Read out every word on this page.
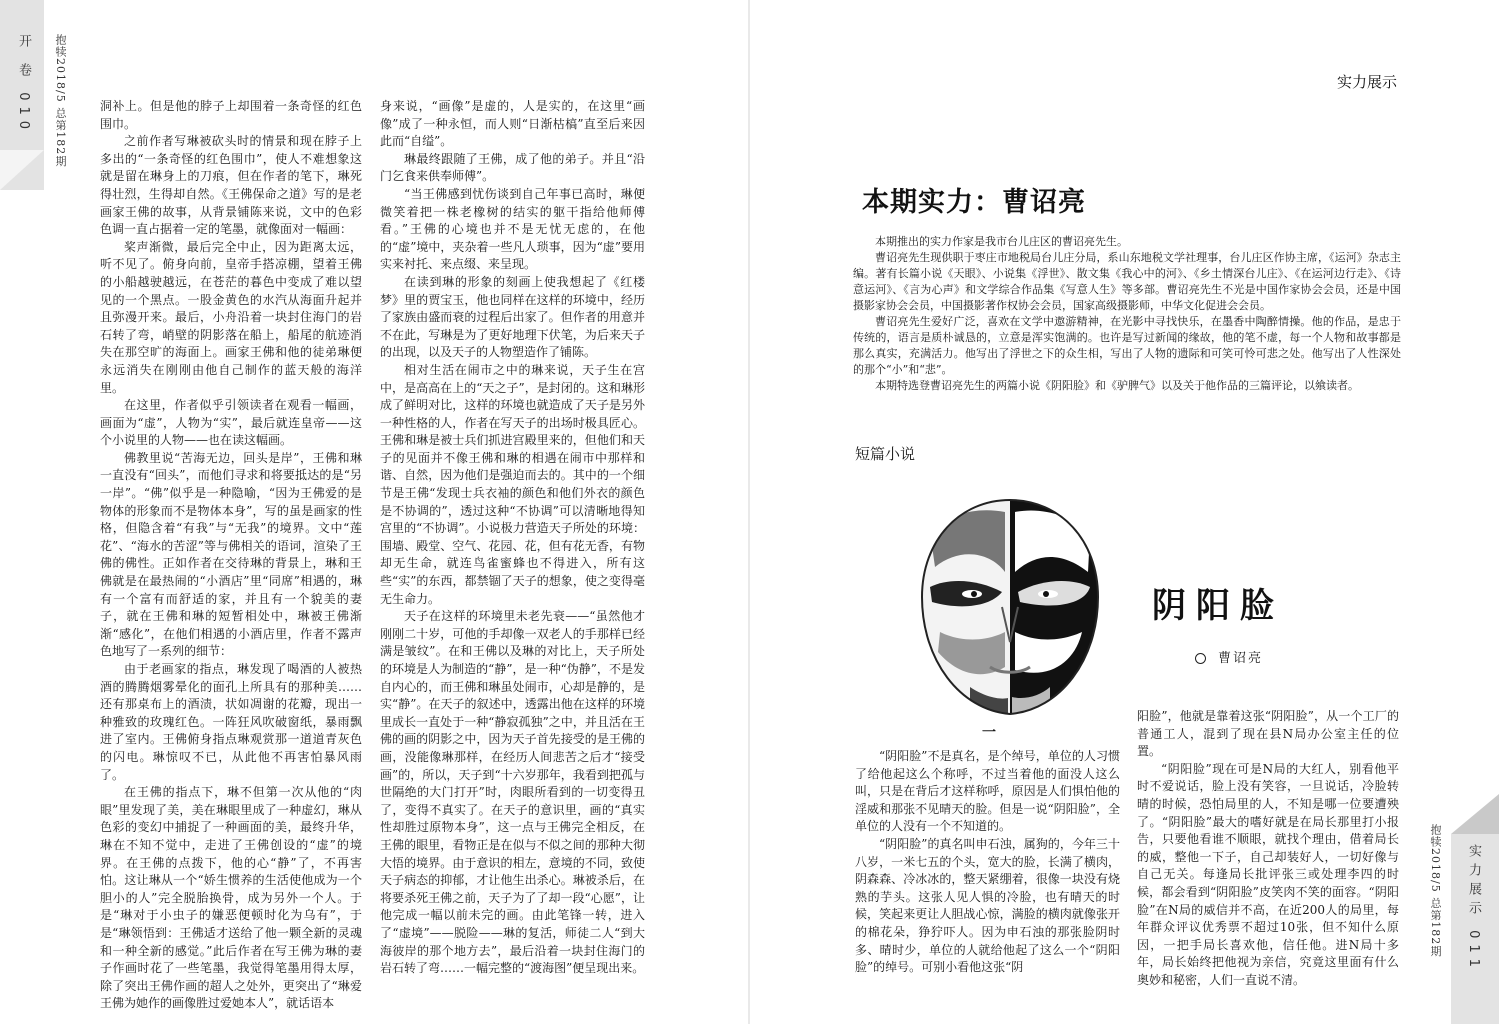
开 卷 010 抱犊2018/5 总第182期	洞补上。但是他的脖子上却围着一条奇怪的红色围巾。

之前作者写琳被砍头时的情景和现在脖子上多出的“一条奇怪的红色围巾”，使人不难想象这就是留在琳身上的刀痕，但在作者的笔下，琳死得壮烈，生得却自然。《王佛保命之道》写的是老画家王佛的故事，从背景铺陈来说，文中的色彩色调一直占据着一定的笔墨，就像面对一幅画：

桨声渐微，最后完全中止，因为距离太远，听不见了。俯身向前，皇帝手搭凉棚，望着王佛的小船越驶越远，在苍茫的暮色中变成了难以望见的一个黑点。一股金黄色的水汽从海面升起并且弥漫开来。最后，小舟沿着一块封住海门的岩石转了弯，峭壁的阴影落在船上，船尾的航迹消失在那空旷的海面上。画家王佛和他的徒弟琳便永远消失在刚刚由他自己制作的蓝天般的海洋里。

在这里，作者似乎引领读者在观看一幅画，画面为“虚”，人物为“实”，最后就连皇帝——这个小说里的人物——也在读这幅画。

佛教里说“苦海无边，回头是岸”，王佛和琳一直没有“回头”，而他们寻求和将要抵达的是“另一岸”。“佛”似乎是一种隐喻，“因为王佛爱的是物体的形象而不是物体本身”，写的虽是画家的性格，但隐含着“有我”与“无我”的境界。文中“莲花”、“海水的苦涩”等与佛相关的语词，渲染了王佛的佛性。正如作者在交待琳的背景上，琳和王佛就是在最热闹的“小酒店”里“同席”相遇的，琳有一个富有而舒适的家，并且有一个貌美的妻子，就在王佛和琳的短暂相处中，琳被王佛渐渐“感化”，在他们相遇的小酒店里，作者不露声色地写了一系列的细节：

由于老画家的指点，琳发现了喝酒的人被热酒的腾腾烟雾晕化的面孔上所具有的那种美……还有那桌布上的酒渍，状如凋谢的花瓣，现出一种雅致的玫瑰红色。一阵狂风吹破窗纸，暴雨飘进了室内。王佛俯身指点琳观赏那一道道青灰色的闪电。琳惊叹不已，从此他不再害怕暴风雨了。

在王佛的指点下，琳不但第一次从他的“肉眼”里发现了美，美在琳眼里成了一种虚幻，琳从色彩的变幻中捕捉了一种画面的美，最终升华，琳在不知不觉中，走进了王佛创设的“虚”的境界。在王佛的点拨下，他的心“静”了，不再害怕。这让琳从一个“娇生惯养的生活使他成为一个胆小的人”完全脱胎换骨，成为另外一个人。于是“琳对于小虫子的嫌恶便顿时化为乌有”，于是“琳领悟到：王佛适才送给了他一颗全新的灵魂和一种全新的感觉。”此后作者在写王佛为琳的妻子作画时花了一些笔墨，我觉得笔墨用得太厚，除了突出王佛作画的超人之处外，更突出了“琳爱王佛为她作的画像胜过爱她本人”，就话语本

身来说，“画像”是虚的，人是实的，在这里“画像”成了一种永恒，而人则“日渐枯槁”直至后来因此而“自缢”。

琳最终跟随了王佛，成了他的弟子。并且“沿门乞食来供奉师傅”。

“当王佛感到忧伤谈到自己年事已高时，琳便微笑着把一株老橡树的结实的躯干指给他师傅看。”王佛的心境也并不是无忧无虑的，在他的“虚”境中，夹杂着一些凡人琐事，因为“虚”要用实来衬托、来点缀、来呈现。

在读到琳的形象的刻画上使我想起了《红楼梦》里的贾宝玉，他也同样在这样的环境中，经历了家族由盛而衰的过程后出家了。但作者的用意并不在此，写琳是为了更好地理下伏笔，为后来天子的出现，以及天子的人物塑造作了铺陈。

相对生活在闹市之中的琳来说，天子生在宫中，是高高在上的“天之子”，是封闭的。这和琳形成了鲜明对比，这样的环境也就造成了天子是另外一种性格的人，作者在写天子的出场时极具匠心。王佛和琳是被士兵们抓进宫殿里来的，但他们和天子的见面并不像王佛和琳的相遇在闹市中那样和谐、自然，因为他们是强迫而去的。其中的一个细节是王佛“发现士兵衣袖的颜色和他们外衣的颜色是不协调的”，透过这种“不协调”可以清晰地得知宫里的“不协调”。小说极力营造天子所处的环境：围墙、殿堂、空气、花园、花，但有花无香，有物却无生命，就连鸟雀蜜蜂也不得进入，所有这些“实”的东西，都禁锢了天子的想象，使之变得毫无生命力。

天子在这样的环境里未老先衰——“虽然他才刚刚二十岁，可他的手却像一双老人的手那样已经满是皱纹”。在和王佛以及琳的对比上，天子所处的环境是人为制造的“静”，是一种“伪静”，不是发自内心的，而王佛和琳虽处闹市，心却是静的，是实“静”。在天子的叙述中，透露出他在这样的环境里成长一直处于一种“静寂孤独”之中，并且活在王佛的画的阴影之中，因为天子首先接受的是王佛的画，没能像琳那样，在经历人间悲苦之后才“接受画”的，所以，天子到“十六岁那年，我看到把孤与世隔绝的大门打开”时，肉眼所看到的一切变得丑了，变得不真实了。在天子的意识里，画的“真实性却胜过原物本身”，这一点与王佛完全相反，在王佛的眼里，看物正是在似与不似之间的那种大彻大悟的境界。由于意识的相左，意境的不同，致使天子病态的抑郁，才让他生出杀心。琳被杀后，在将要杀死王佛之前，天子为了了却一段“心愿”，让他完成一幅以前未完的画。由此笔锋一转，进入了“虚境”——脱险——琳的复活，师徒二人“到大海彼岸的那个地方去”，最后沿着一块封住海门的岩石转了弯……一幅完整的“渡海图”便呈现出来。

实力展示
本期实力：曹诏亮

本期推出的实力作家是我市台儿庄区的曹诏亮先生。

曹诏亮先生现供职于枣庄市地税局台儿庄分局，系山东地税文学社理事，台儿庄区作协主席，《运河》杂志主编。著有长篇小说《天眼》、小说集《浮世》、散文集《我心中的河》、《乡土情深台儿庄》、《在运河边行走》、《诗意运河》、《言为心声》和文学综合作品集《写意人生》等多部。曹诏亮先生不光是中国作家协会会员，还是中国摄影家协会会员，中国摄影著作权协会会员，国家高级摄影师，中华文化促进会会员。

曹诏亮先生爱好广泛，喜欢在文学中遨游精神，在光影中寻找快乐，在墨香中陶醉情操。他的作品，是忠于传统的，语言是质朴诚恳的，立意是浑实饱满的。也许是写过新闻的缘故，他的笔不虚，每一个人物和故事都是那么真实，充满活力。他写出了浮世之下的众生相，写出了人物的遗际和可笑可怜可悲之处。他写出了人性深处的那个“小”和“悲”。

本期特选登曹诏亮先生的两篇小说《阴阳脸》和《驴脾气》以及关于他作品的三篇评论，以飨读者。

短篇小说
阴阳脸
曹诏亮
一

“阴阳脸”不是真名，是个绰号，单位的人习惯了给他起这么个称呼，不过当着他的面没人这么叫，只是在背后才这样称呼，原因是人们惧怕他的淫威和那张不见晴天的脸。但是一说“阴阳脸”，全单位的人没有一个不知道的。

“阴阳脸”的真名叫申石浊，属狗的，今年三十八岁，一米七五的个头，宽大的脸，长满了横肉，阴森森、冷冰冰的，整天紧绷着，很像一块没有烧熟的芋头。这张人见人惧的冷脸，也有晴天的时候，笑起来更让人胆战心惊，满脸的横肉就像张开的棉花朵，狰狞吓人。因为申石浊的那张脸阴时多、晴时少，单位的人就给他起了这么一个“阴阳脸”的绰号。可别小看他这张“阴

阳脸”，他就是靠着这张“阴阳脸”，从一个工厂的普通工人，混到了现在县N局办公室主任的位置。

“阴阳脸”现在可是N局的大红人，别看他平时不爱说话，脸上没有笑容，一旦说话，冷脸转晴的时候，恐怕局里的人，不知是哪一位要遭殃了。“阴阳脸”最大的嗜好就是在局长那里打小报告，只要他看谁不顺眼，就找个理由，借着局长的威，整他一下子，自己却装好人，一切好像与自己无关。每逢局长批评张三或处理李四的时候，都会看到“阴阳脸”皮笑肉不笑的面容。“阴阳脸”在N局的威信并不高，在近200人的局里，每年群众评议优秀票不超过10张，但不知什么原因，一把手局长喜欢他，信任他。进N局十多年，局长始终把他视为亲信，究竟这里面有什么奥妙和秘密，人们一直说不清。

实力展示 011
抱犊2018/5 总第182期
